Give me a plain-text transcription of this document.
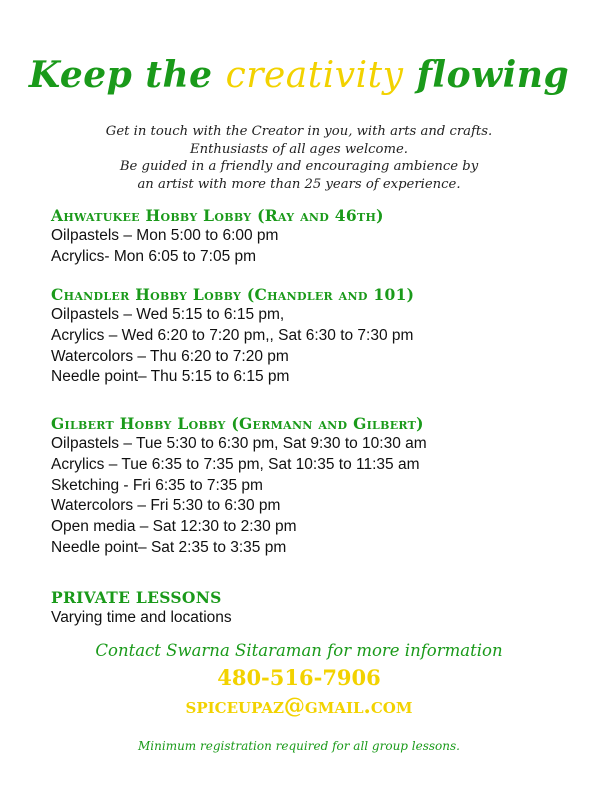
Keep the creativity flowing
Get in touch with the Creator in you, with arts and crafts.
Enthusiasts of all ages welcome.
Be guided in a friendly and encouraging ambience by
an artist with more than 25 years of experience.
Ahwatukee Hobby Lobby (Ray and 46th)
Oilpastels – Mon 5:00 to 6:00 pm
Acrylics- Mon 6:05 to 7:05 pm
Chandler Hobby Lobby (Chandler and 101)
Oilpastels – Wed 5:15 to 6:15 pm,
Acrylics – Wed 6:20 to 7:20 pm,, Sat 6:30 to 7:30 pm
Watercolors – Thu 6:20 to 7:20 pm
Needle point– Thu 5:15 to 6:15 pm
Gilbert Hobby Lobby (Germann and Gilbert)
Oilpastels – Tue 5:30 to 6:30 pm, Sat 9:30 to 10:30 am
Acrylics – Tue 6:35 to 7:35 pm, Sat 10:35 to 11:35 am
Sketching - Fri 6:35 to 7:35 pm
Watercolors – Fri 5:30 to 6:30 pm
Open media – Sat 12:30 to 2:30 pm
Needle point– Sat 2:35 to 3:35 pm
PRIVATE LESSONS
Varying time and locations
Contact Swarna Sitaraman for more information
480-516-7906
spiceupaz@gmail.com
Minimum registration required for all group lessons.
